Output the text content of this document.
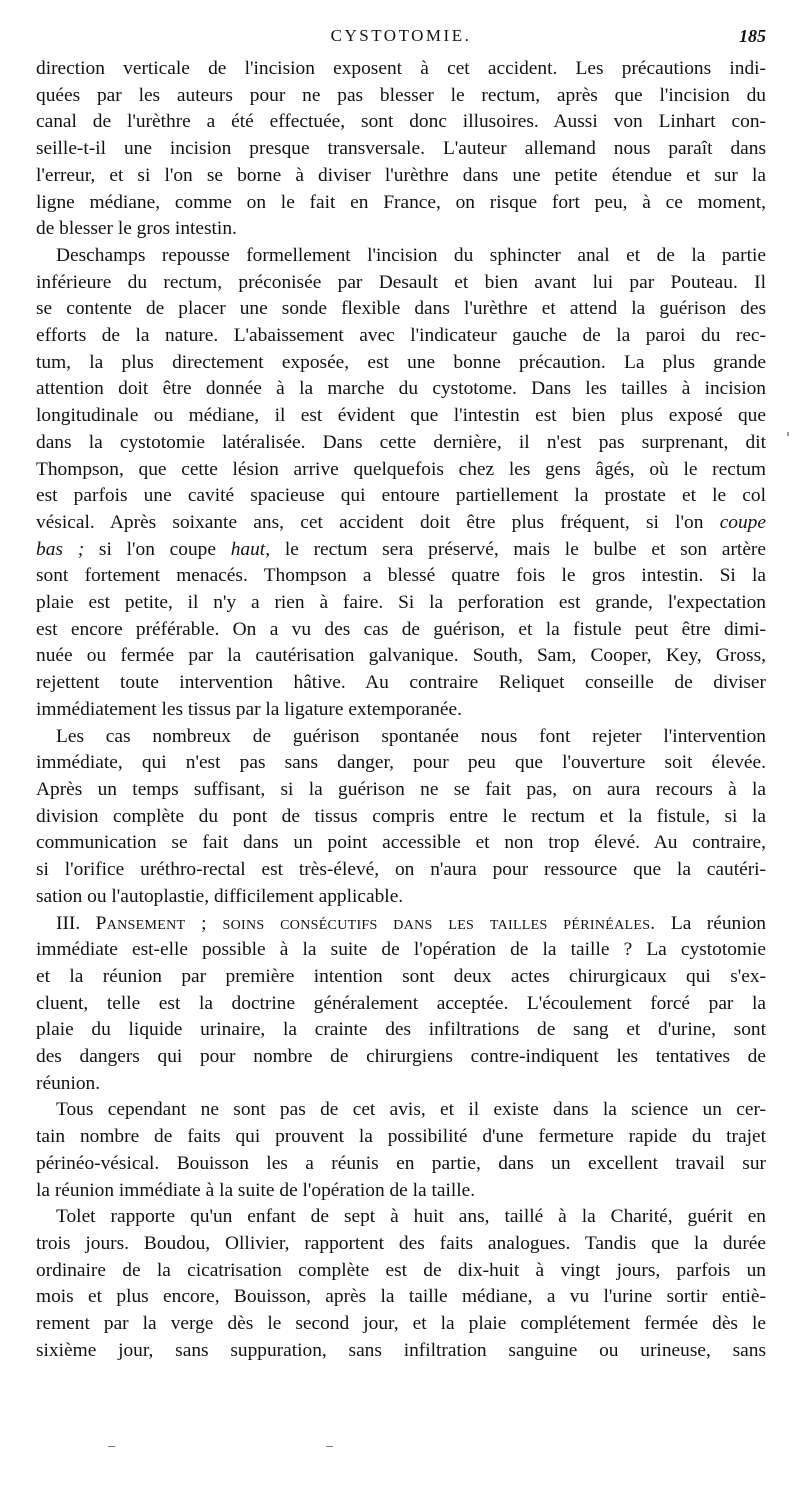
CYSTOTOMIE.	185
direction verticale de l'incision exposent à cet accident. Les précautions indi-
quées par les auteurs pour ne pas blesser le rectum, après que l'incision du
canal de l'urèthre a été effectuée, sont donc illusoires. Aussi von Linhart con-
seille-t-il une incision presque transversale. L'auteur allemand nous paraît dans
l'erreur, et si l'on se borne à diviser l'urèthre dans une petite étendue et sur la
ligne médiane, comme on le fait en France, on risque fort peu, à ce moment,
de blesser le gros intestin.
Deschamps repousse formellement l'incision du sphincter anal et de la partie
inférieure du rectum, préconisée par Desault et bien avant lui par Pouteau. Il
se contente de placer une sonde flexible dans l'urèthre et attend la guérison des
efforts de la nature. L'abaissement avec l'indicateur gauche de la paroi du rec-
tum, la plus directement exposée, est une bonne précaution. La plus grande
attention doit être donnée à la marche du cystotome. Dans les tailles à incision
longitudinale ou médiane, il est évident que l'intestin est bien plus exposé que
dans la cystotomie latéralisée. Dans cette dernière, il n'est pas surprenant, dit
Thompson, que cette lésion arrive quelquefois chez les gens âgés, où le rectum
est parfois une cavité spacieuse qui entoure partiellement la prostate et le col
vésical. Après soixante ans, cet accident doit être plus fréquent, si l'on coupe
bas ; si l'on coupe haut, le rectum sera préservé, mais le bulbe et son artère
sont fortement menacés. Thompson a blessé quatre fois le gros intestin. Si la
plaie est petite, il n'y a rien à faire. Si la perforation est grande, l'expectation
est encore préférable. On a vu des cas de guérison, et la fistule peut être dimi-
nuée ou fermée par la cautérisation galvanique. South, Sam, Cooper, Key, Gross,
rejettent toute intervention hâtive. Au contraire Reliquet conseille de diviser
immédiatement les tissus par la ligature extemporanée.
Les cas nombreux de guérison spontanée nous font rejeter l'intervention
immédiate, qui n'est pas sans danger, pour peu que l'ouverture soit élevée.
Après un temps suffisant, si la guérison ne se fait pas, on aura recours à la
division complète du pont de tissus compris entre le rectum et la fistule, si la
communication se fait dans un point accessible et non trop élevé. Au contraire,
si l'orifice uréthro-rectal est très-élevé, on n'aura pour ressource que la cautéri-
sation ou l'autoplastie, difficilement applicable.
III. Pansement ; soins consécutifs dans les tailles périnéales. La réunion
immédiate est-elle possible à la suite de l'opération de la taille ? La cystotomie
et la réunion par première intention sont deux actes chirurgicaux qui s'ex-
cluent, telle est la doctrine généralement acceptée. L'écoulement forcé par la
plaie du liquide urinaire, la crainte des infiltrations de sang et d'urine, sont
des dangers qui pour nombre de chirurgiens contre-indiquent les tentatives de
réunion.
Tous cependant ne sont pas de cet avis, et il existe dans la science un cer-
tain nombre de faits qui prouvent la possibilité d'une fermeture rapide du trajet
périnéo-vésical. Bouisson les a réunis en partie, dans un excellent travail sur
la réunion immédiate à la suite de l'opération de la taille.
Tolet rapporte qu'un enfant de sept à huit ans, taillé à la Charité, guérit en
trois jours. Boudou, Ollivier, rapportent des faits analogues. Tandis que la durée
ordinaire de la cicatrisation complète est de dix-huit à vingt jours, parfois un
mois et plus encore, Bouisson, après la taille médiane, a vu l'urine sortir entiè-
rement par la verge dès le second jour, et la plaie complétement fermée dès le
sixième jour, sans suppuration, sans infiltration sanguine ou urineuse, sans
